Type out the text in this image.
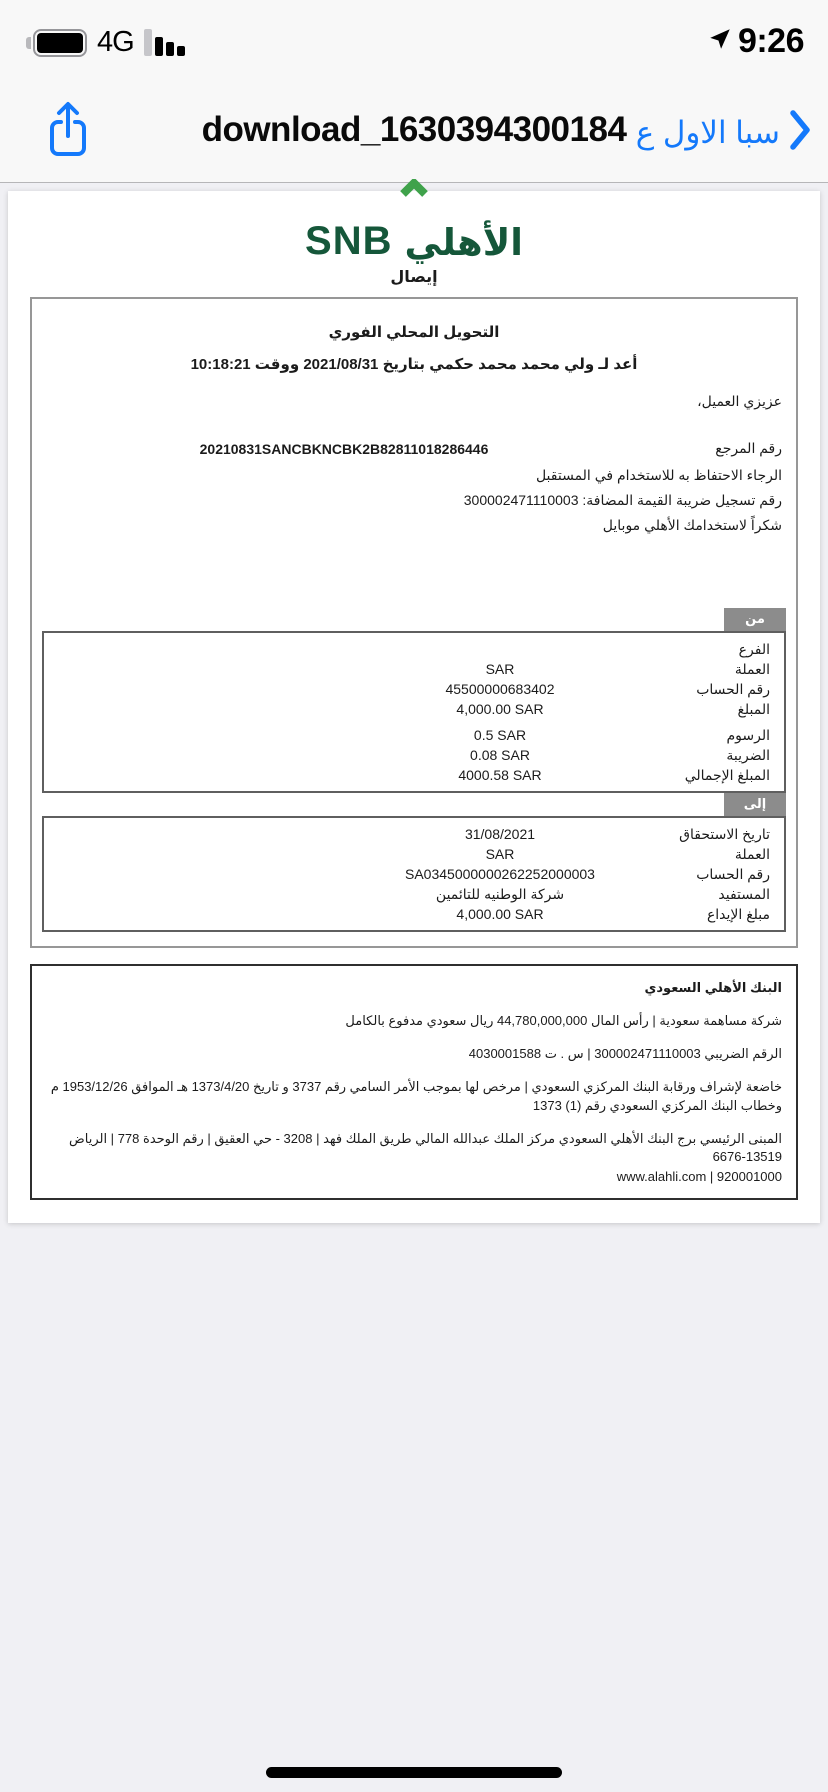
4G	9:26
download_1630394300184 سبا الاول ع
SNB الأهلي
إيصال
التحويل المحلي الفوري
أعد لـ ولي محمد محمد حكمي بتاريخ 2021/08/31 ووقت 10:18:21
عزيزي العميل،
رقم المرجع
20210831SANCBKNCBK2B82811018286446
الرجاء الاحتفاظ به للاستخدام في المستقبل
رقم تسجيل ضريبة القيمة المضافة: 300002471110003
شكراً لاستخدامك الأهلي موبايل
من
الفرع
العملة
SAR
رقم الحساب
45500000683402
المبلغ
4,000.00 SAR
الرسوم
0.5 SAR
الضريبة
0.08 SAR
المبلغ الإجمالي
4000.58 SAR
إلى
تاريخ الاستحقاق
31/08/2021
العملة
SAR
رقم الحساب
SA0345000000262252000003
المستفيد
شركة الوطنيه للتائمين
مبلغ الإيداع
4,000.00 SAR
البنك الأهلي السعودي

شركة مساهمة سعودية | رأس المال 44,780,000,000 ريال سعودي مدفوع بالكامل

الرقم الضريبي 300002471110003 | س . ت 4030001588

خاضعة لإشراف ورقابة البنك المركزي السعودي | مرخص لها بموجب الأمر السامي رقم 3737 و تاريخ 1373/4/20 هـ الموافق 1953/12/26 م وخطاب البنك المركزي السعودي رقم (1) 1373

المبنى الرئيسي برج البنك الأهلي السعودي مركز الملك عبدالله المالي طريق الملك فهد | 3208 - حي العقيق | رقم الوحدة 778 | الرياض 13519-6676

920001000 | www.alahli.com
